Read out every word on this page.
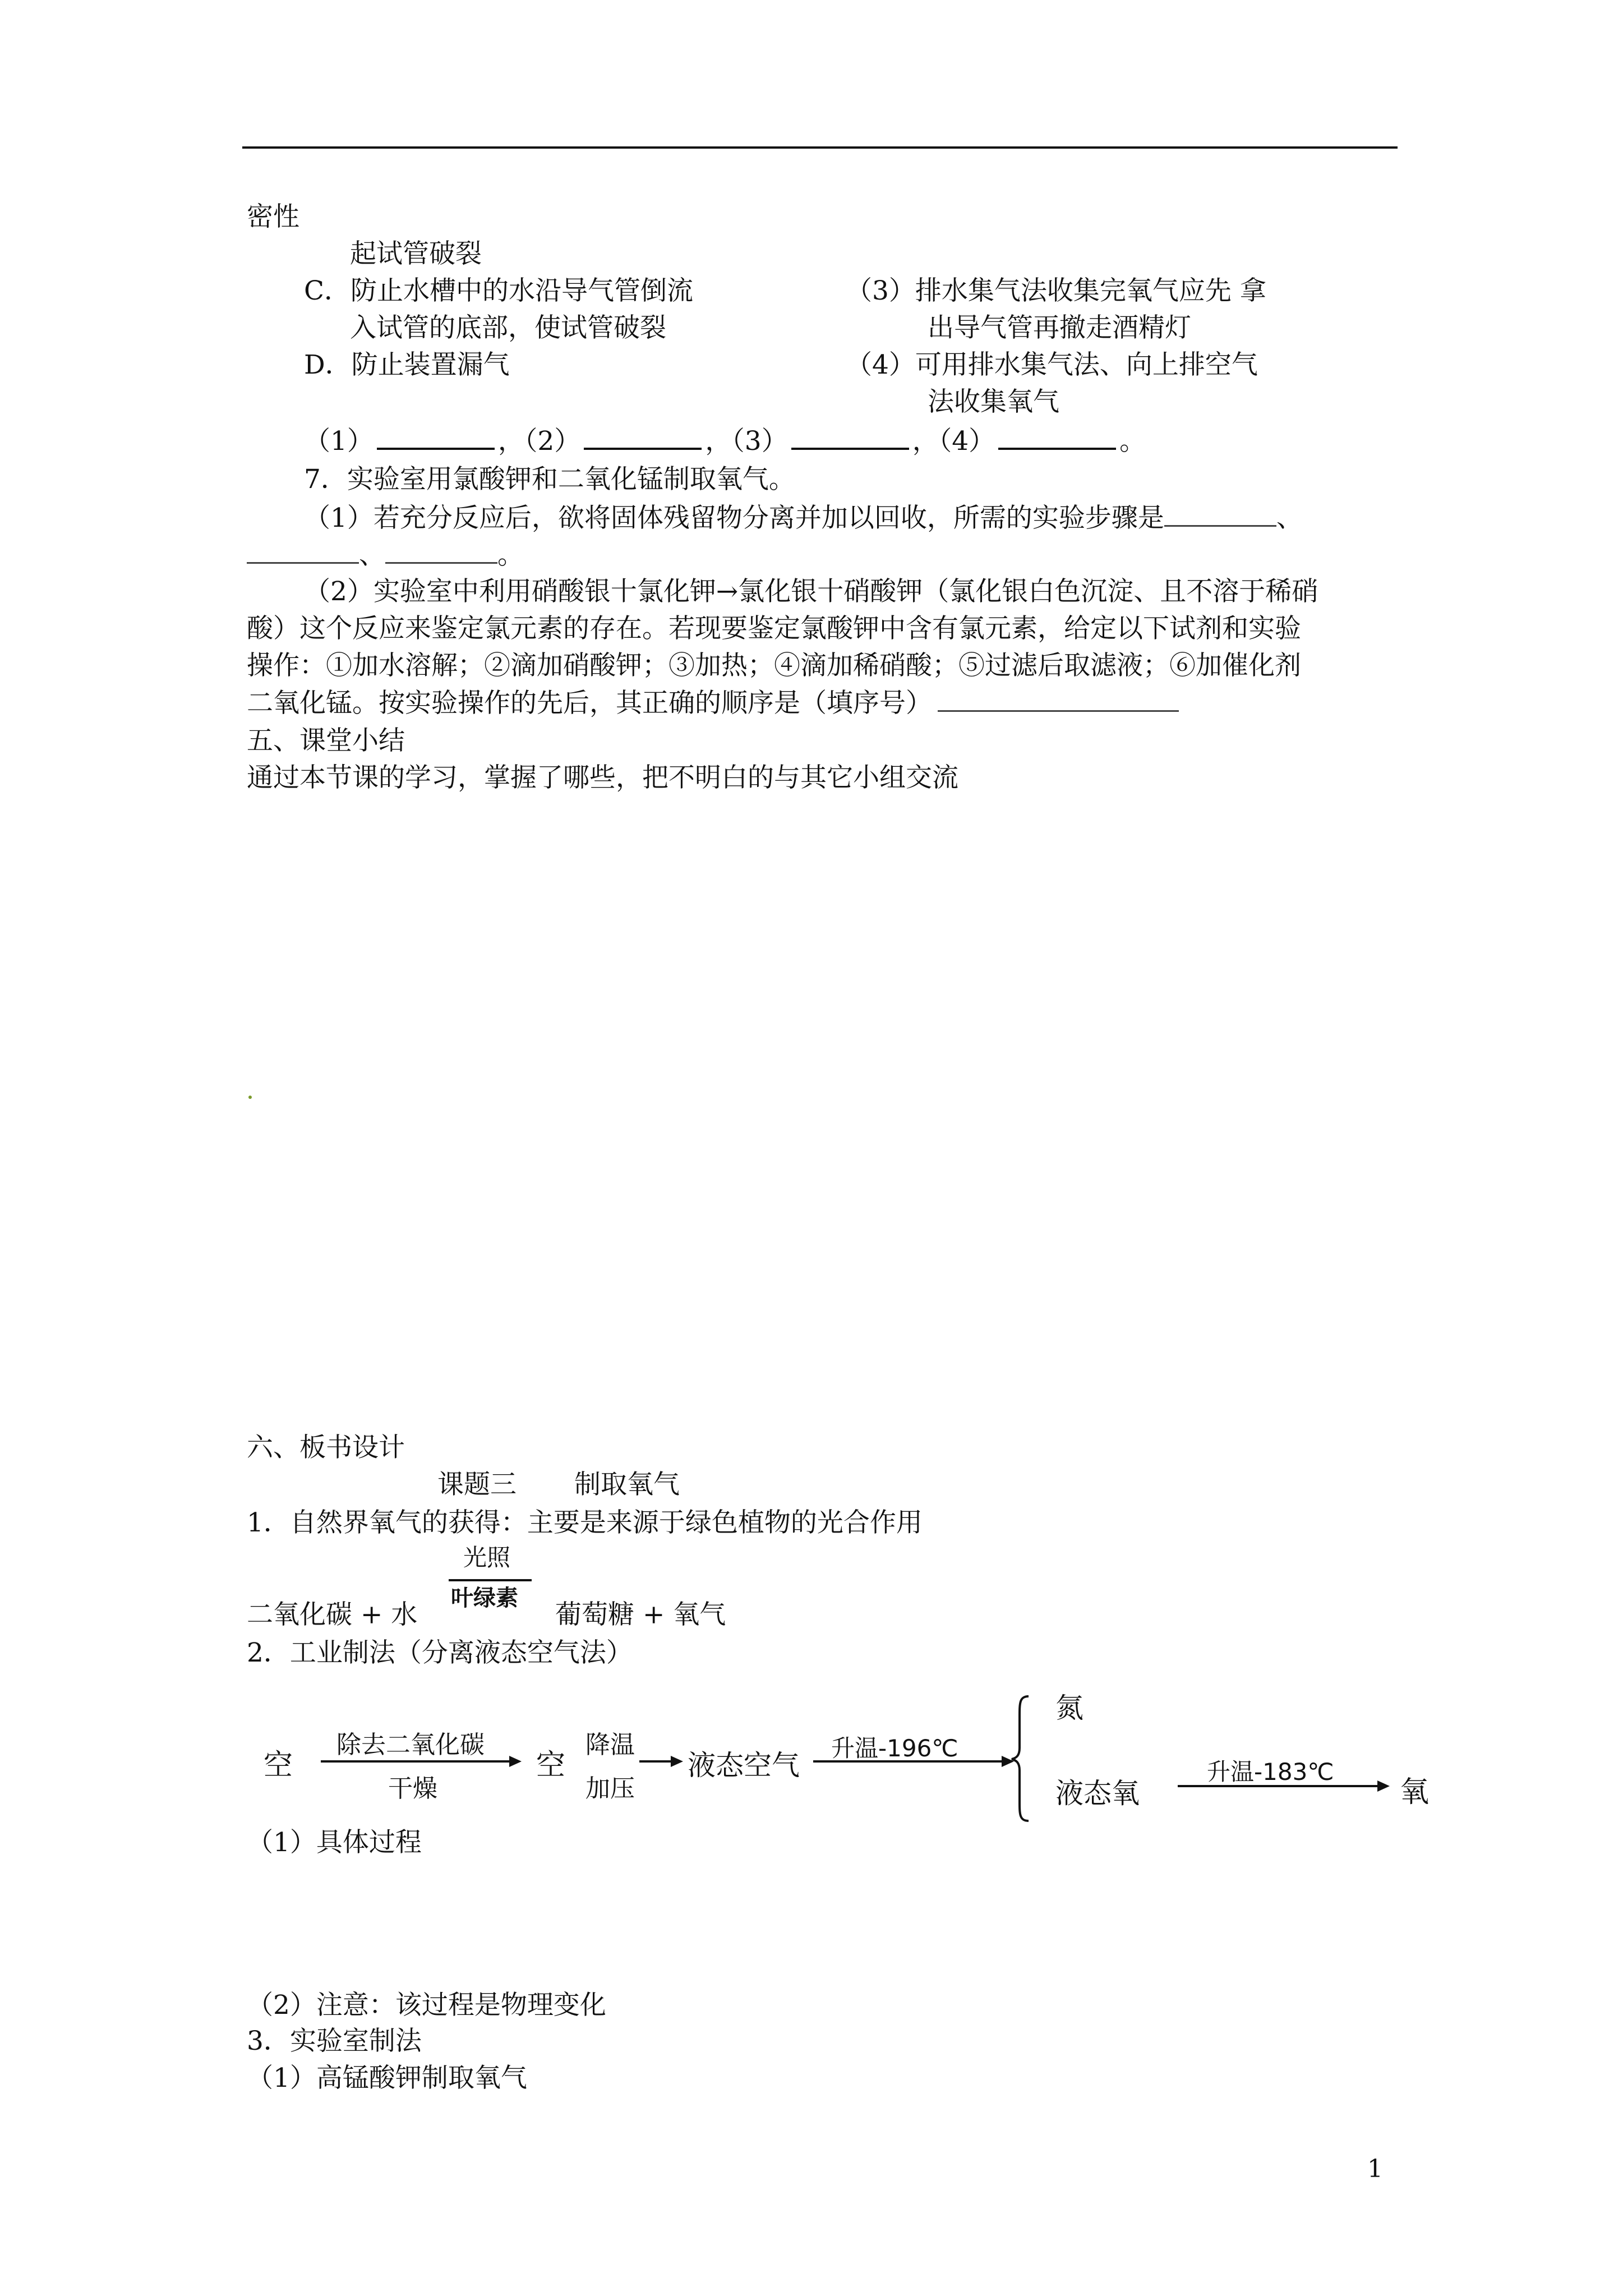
密性
起试管破裂
C．防止水槽中的水沿导气管倒流	（3）排水集气法收集完氧气应先 拿
入试管的底部，使试管破裂	出导气管再撤走酒精灯
D．防止装置漏气	（4）可用排水集气法、向上排空气
法收集氧气
（1）	，（2）	，（3）	，（4）	。
7．实验室用氯酸钾和二氧化锰制取氧气。
（1）若充分反应后，欲将固体残留物分离并加以回收，所需的实验步骤是	、
、	。
（2）实验室中利用硝酸银十氯化钾→氯化银十硝酸钾（氯化银白色沉淀、且不溶于稀硝
酸）这个反应来鉴定氯元素的存在。若现要鉴定氯酸钾中含有氯元素，给定以下试剂和实验
操作：①加水溶解；②滴加硝酸钾；③加热；④滴加稀硝酸；⑤过滤后取滤液；⑥加催化剂
二氧化锰。按实验操作的先后，其正确的顺序是（填序号）
五、课堂小结
通过本节课的学习，掌握了哪些，把不明白的与其它小组交流
六、板书设计
课题三 制取氧气
1．自然界氧气的获得：主要是来源于绿色植物的光合作用
光照
叶绿素
二氧化碳 + 水	葡萄糖 + 氧气
2．工业制法（分离液态空气法）
空
除去二氧化碳
干燥
空
降温
加压
液态空气
升温-196℃
氮
液态氧
升温-183℃
氧
（1）具体过程
（2）注意：该过程是物理变化
3．实验室制法
（1）高锰酸钾制取氧气
1
